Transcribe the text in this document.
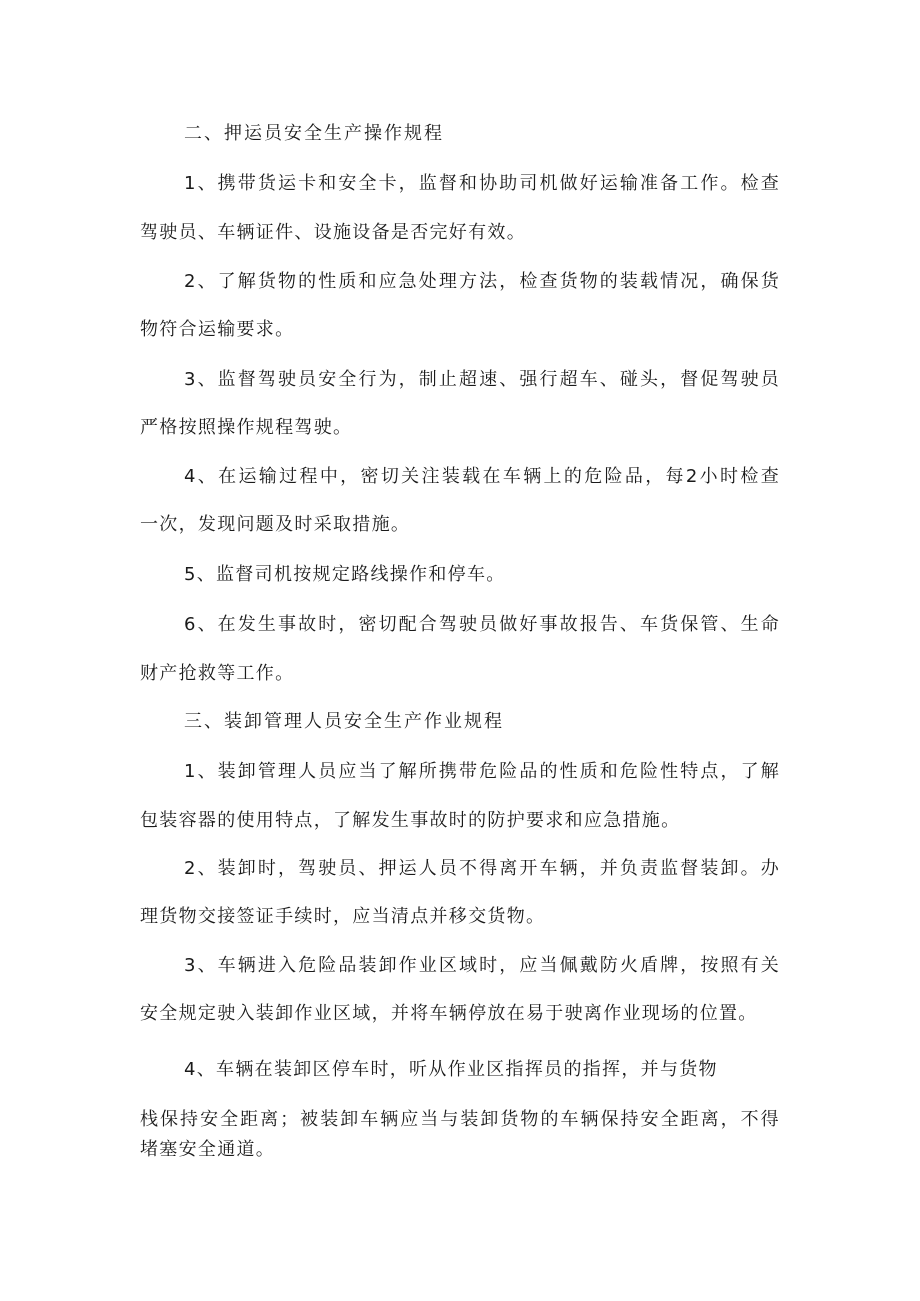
二、押运员安全生产操作规程
1、携带货运卡和安全卡，监督和协助司机做好运输准备工作。检查
驾驶员、车辆证件、设施设备是否完好有效。
2、了解货物的性质和应急处理方法，检查货物的装载情况，确保货
物符合运输要求。
3、监督驾驶员安全行为，制止超速、强行超车、碰头，督促驾驶员
严格按照操作规程驾驶。
4、在运输过程中，密切关注装载在车辆上的危险品，每2小时检查
一次，发现问题及时采取措施。
5、监督司机按规定路线操作和停车。
6、在发生事故时，密切配合驾驶员做好事故报告、车货保管、生命
财产抢救等工作。
三、装卸管理人员安全生产作业规程
1、装卸管理人员应当了解所携带危险品的性质和危险性特点，了解
包装容器的使用特点，了解发生事故时的防护要求和应急措施。
2、装卸时，驾驶员、押运人员不得离开车辆，并负责监督装卸。办
理货物交接签证手续时，应当清点并移交货物。
3、车辆进入危险品装卸作业区域时，应当佩戴防火盾牌，按照有关
安全规定驶入装卸作业区域，并将车辆停放在易于驶离作业现场的位置。
4、车辆在装卸区停车时，听从作业区指挥员的指挥，并与货物
栈保持安全距离；被装卸车辆应当与装卸货物的车辆保持安全距离，不得
堵塞安全通道。
